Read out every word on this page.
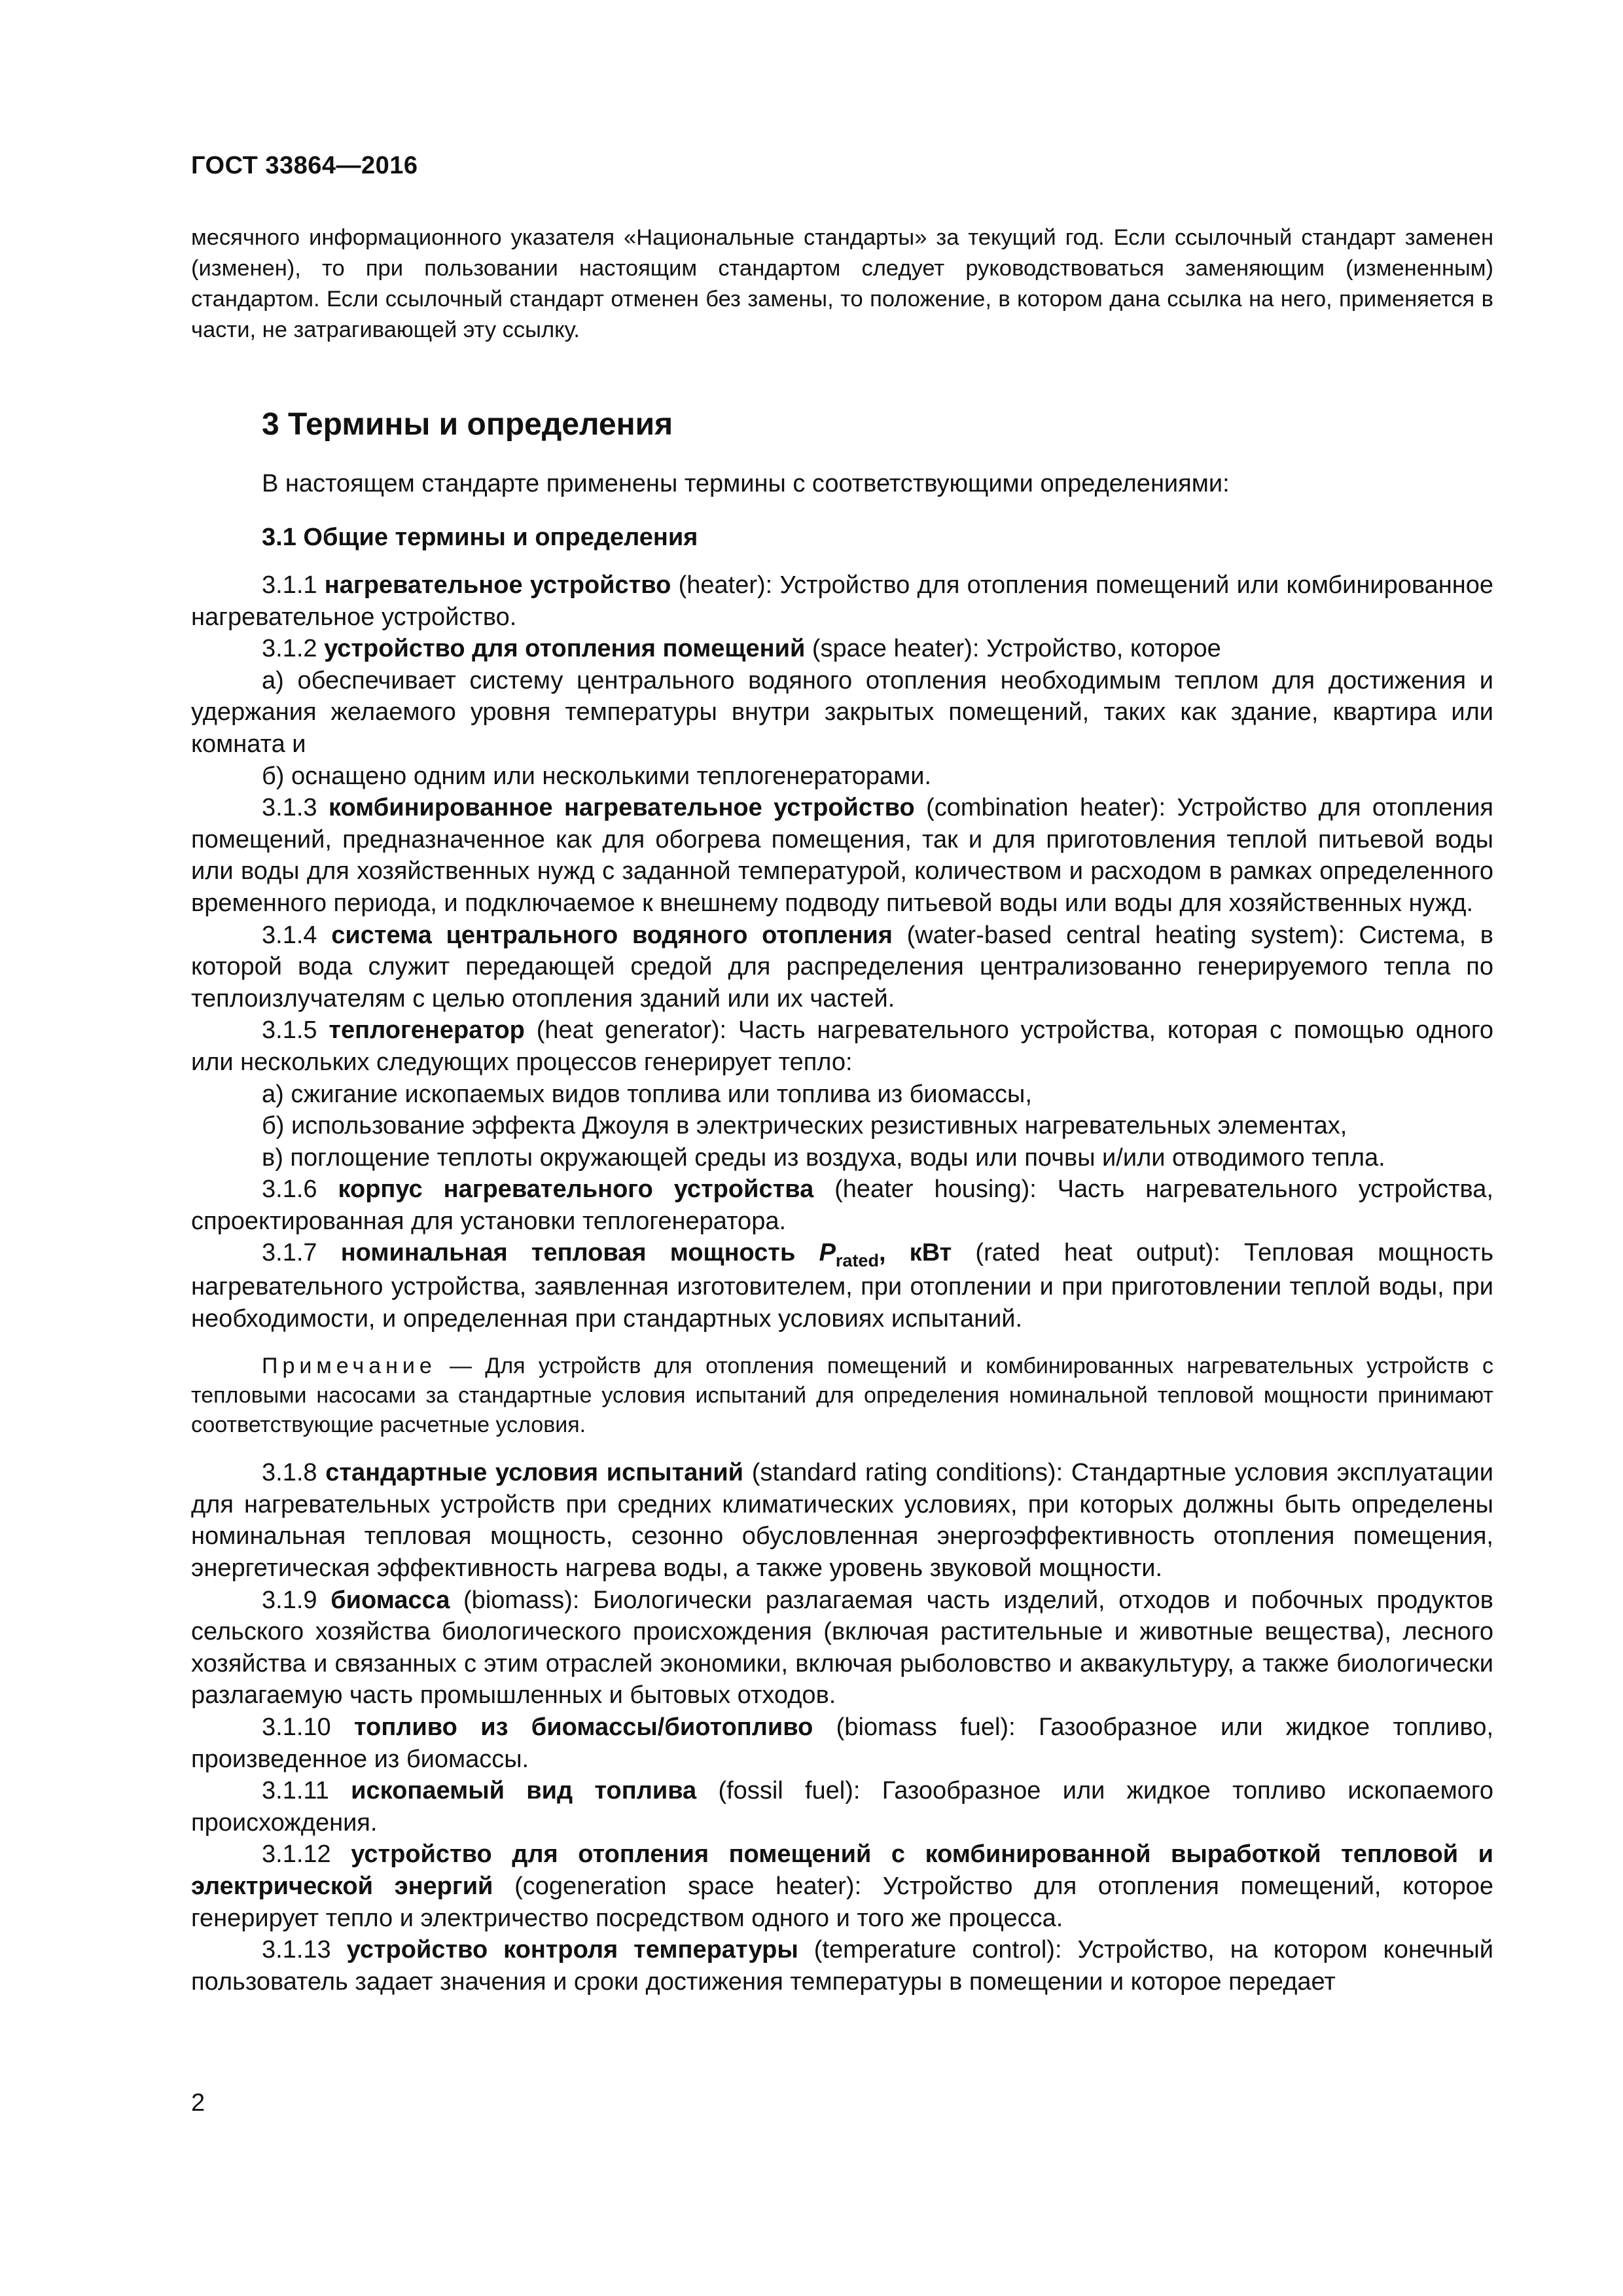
ГОСТ 33864—2016

месячного информационного указателя «Национальные стандарты» за текущий год. Если ссылочный стандарт заменен (изменен), то при пользовании настоящим стандартом следует руководствоваться заменяющим (измененным) стандартом. Если ссылочный стандарт отменен без замены, то положение, в котором дана ссылка на него, применяется в части, не затрагивающей эту ссылку.

3 Термины и определения

В настоящем стандарте применены термины с соответствующими определениями:

3.1 Общие термины и определения

3.1.1 нагревательное устройство (heater): Устройство для отопления помещений или комбинированное нагревательное устройство.

3.1.2 устройство для отопления помещений (space heater): Устройство, которое

а) обеспечивает систему центрального водяного отопления необходимым теплом для достижения и удержания желаемого уровня температуры внутри закрытых помещений, таких как здание, квартира или комната и

б) оснащено одним или несколькими теплогенераторами.

3.1.3 комбинированное нагревательное устройство (combination heater): Устройство для отопления помещений, предназначенное как для обогрева помещения, так и для приготовления теплой питьевой воды или воды для хозяйственных нужд с заданной температурой, количеством и расходом в рамках определенного временного периода, и подключаемое к внешнему подводу питьевой воды или воды для хозяйственных нужд.

3.1.4 система центрального водяного отопления (water-based central heating system): Система, в которой вода служит передающей средой для распределения централизованно генерируемого тепла по теплоизлучателям с целью отопления зданий или их частей.

3.1.5 теплогенератор (heat generator): Часть нагревательного устройства, которая с помощью одного или нескольких следующих процессов генерирует тепло:

а) сжигание ископаемых видов топлива или топлива из биомассы,

б) использование эффекта Джоуля в электрических резистивных нагревательных элементах,

в) поглощение теплоты окружающей среды из воздуха, воды или почвы и/или отводимого тепла.

3.1.6 корпус нагревательного устройства (heater housing): Часть нагревательного устройства, спроектированная для установки теплогенератора.

3.1.7 номинальная тепловая мощность $P_{rated}$, кВт (rated heat output): Тепловая мощность нагревательного устройства, заявленная изготовителем, при отоплении и при приготовлении теплой воды, при необходимости, и определенная при стандартных условиях испытаний.

Примечание — Для устройств для отопления помещений и комбинированных нагревательных устройств с тепловыми насосами за стандартные условия испытаний для определения номинальной тепловой мощности принимают соответствующие расчетные условия.

3.1.8 стандартные условия испытаний (standard rating conditions): Стандартные условия эксплуатации для нагревательных устройств при средних климатических условиях, при которых должны быть определены номинальная тепловая мощность, сезонно обусловленная энергоэффективность отопления помещения, энергетическая эффективность нагрева воды, а также уровень звуковой мощности.

3.1.9 биомасса (biomass): Биологически разлагаемая часть изделий, отходов и побочных продуктов сельского хозяйства биологического происхождения (включая растительные и животные вещества), лесного хозяйства и связанных с этим отраслей экономики, включая рыболовство и аквакультуру, а также биологически разлагаемую часть промышленных и бытовых отходов.

3.1.10 топливо из биомассы/биотопливо (biomass fuel): Газообразное или жидкое топливо, произведенное из биомассы.

3.1.11 ископаемый вид топлива (fossil fuel): Газообразное или жидкое топливо ископаемого происхождения.

3.1.12 устройство для отопления помещений с комбинированной выработкой тепловой и электрической энергий (cogeneration space heater): Устройство для отопления помещений, которое генерирует тепло и электричество посредством одного и того же процесса.

3.1.13 устройство контроля температуры (temperature control): Устройство, на котором конечный пользователь задает значения и сроки достижения температуры в помещении и которое передает

2
